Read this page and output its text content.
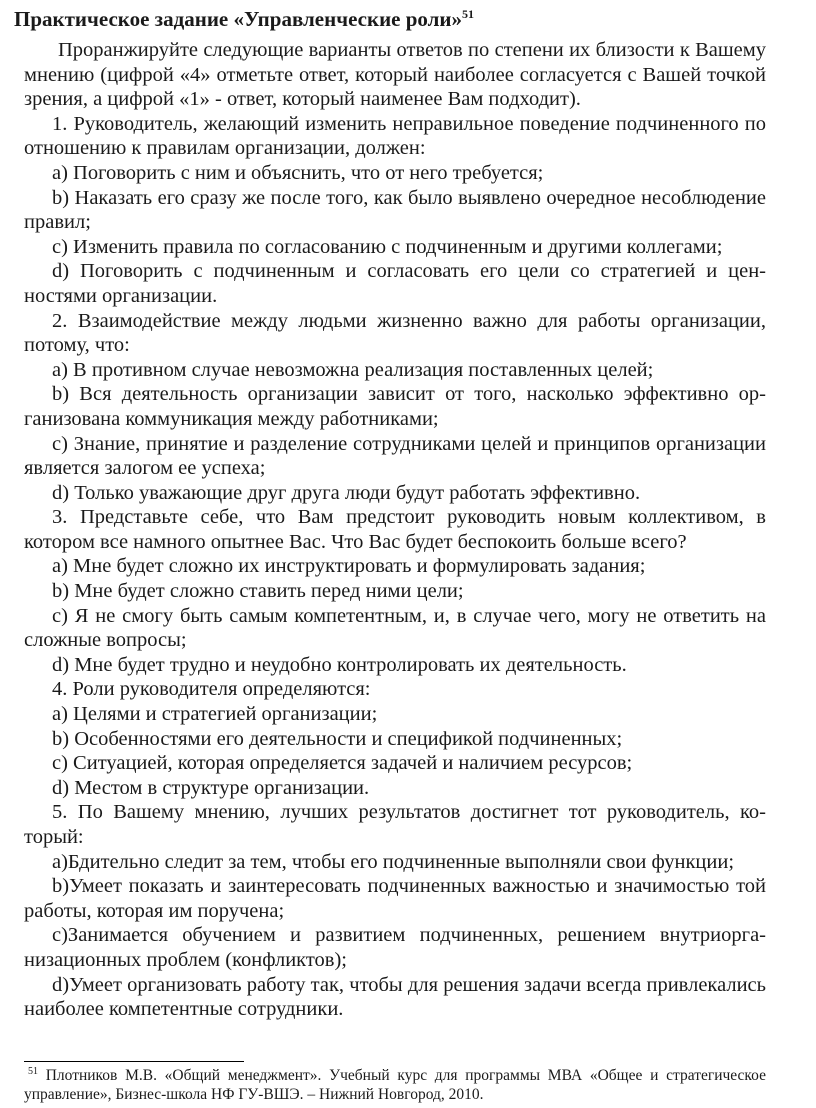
Практическое задание «Управленческие роли»$^{51}$

Проранжируйте следующие варианты ответов по степени их близости к Вашему мнению (цифрой «4» отметьте ответ, который наиболее согласуется с Вашей точкой зрения, а цифрой «1» - ответ, который наименее Вам подходит).

1. Руководитель, желающий изменить неправильное поведение подчиненного по отношению к правилам организации, должен:

a) Поговорить с ним и объяснить, что от него требуется;

b) Наказать его сразу же после того, как было выявлено очередное несоблюдение правил;

c) Изменить правила по согласованию с подчиненным и другими коллегами;

d) Поговорить с подчиненным и согласовать его цели со стратегией и ценностями организации.

2. Взаимодействие между людьми жизненно важно для работы организации, потому, что:

a) В противном случае невозможна реализация поставленных целей;

b) Вся деятельность организации зависит от того, насколько эффективно организована коммуникация между работниками;

c) Знание, принятие и разделение сотрудниками целей и принципов организации является залогом ее успеха;

d) Только уважающие друг друга люди будут работать эффективно.

3. Представьте себе, что Вам предстоит руководить новым коллективом, в котором все намного опытнее Вас. Что Вас будет беспокоить больше всего?

a) Мне будет сложно их инструктировать и формулировать задания;

b) Мне будет сложно ставить перед ними цели;

c) Я не смогу быть самым компетентным, и, в случае чего, могу не ответить на сложные вопросы;

d) Мне будет трудно и неудобно контролировать их деятельность.

4. Роли руководителя определяются:

a) Целями и стратегией организации;

b) Особенностями его деятельности и спецификой подчиненных;

c) Ситуацией, которая определяется задачей и наличием ресурсов;

d) Местом в структуре организации.

5. По Вашему мнению, лучших результатов достигнет тот руководитель, который:

a)Бдительно следит за тем, чтобы его подчиненные выполняли свои функции;

b)Умеет показать и заинтересовать подчиненных важностью и значимостью той работы, которая им поручена;

c)Занимается обучением и развитием подчиненных, решением внутриорганизационных проблем (конфликтов);

d)Умеет организовать работу так, чтобы для решения задачи всегда привлекались наиболее компетентные сотрудники.

$^{51}$ Плотников М.В. «Общий менеджмент». Учебный курс для программы МВА «Общее и стратегическое управление», Бизнес-школа НФ ГУ-ВШЭ. – Нижний Новгород, 2010.
